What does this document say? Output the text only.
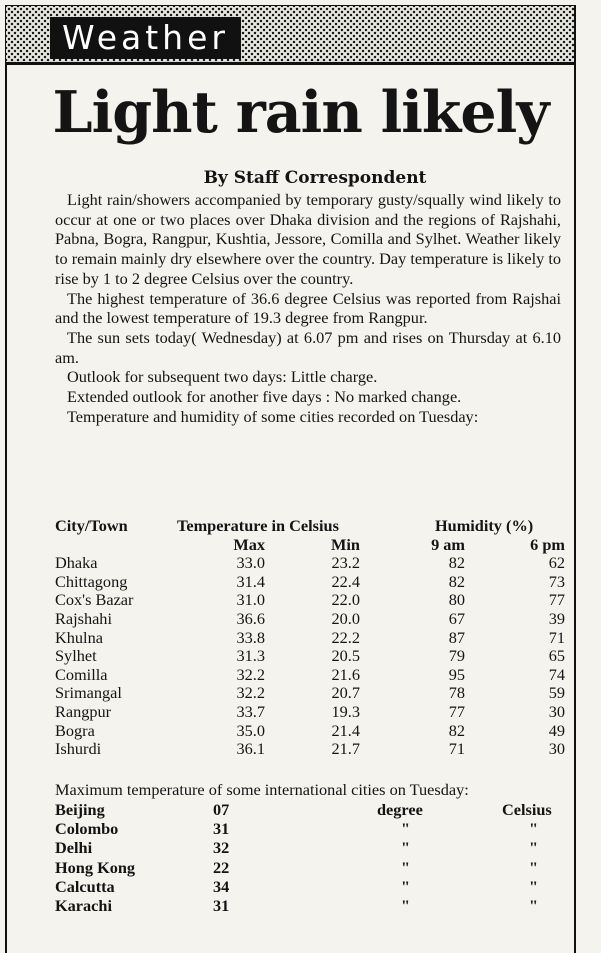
Weather
Light rain likely
By Staff Correspondent

Light rain/showers accompanied by temporary gusty/squally wind likely to occur at one or two places over Dhaka division and the regions of Rajshahi, Pabna, Bogra, Rangpur, Kushtia, Jessore, Comilla and Sylhet. Weather likely to remain mainly dry elsewhere over the country. Day temperature is likely to rise by 1 to 2 degree Celsius over the country.

The highest temperature of 36.6 degree Celsius was reported from Rajshai and the lowest temperature of 19.3 degree from Rangpur.

The sun sets today( Wednesday) at 6.07 pm and rises on Thursday at 6.10 am.

Outlook for subsequent two days: Little charge.

Extended outlook for another five days : No marked change.

Temperature and humidity of some cities recorded on Tuesday:

City/Town	Temperature in Celsius	Humidity (%)
Max	Min	9 am	6 pm
Dhaka	33.0	23.2	82	62
Chittagong	31.4	22.4	82	73
Cox's Bazar	31.0	22.0	80	77
Rajshahi	36.6	20.0	67	39
Khulna	33.8	22.2	87	71
Sylhet	31.3	20.5	79	65
Comilla	32.2	21.6	95	74
Srimangal	32.2	20.7	78	59
Rangpur	33.7	19.3	77	30
Bogra	35.0	21.4	82	49
Ishurdi	36.1	21.7	71	30
Maximum temperature of some international cities on Tuesday:
Beijing	07	degree	Celsius
Colombo	31	"	"
Delhi	32	"	"
Hong Kong	22	"	"
Calcutta	34	"	"
Karachi	31	"	"
